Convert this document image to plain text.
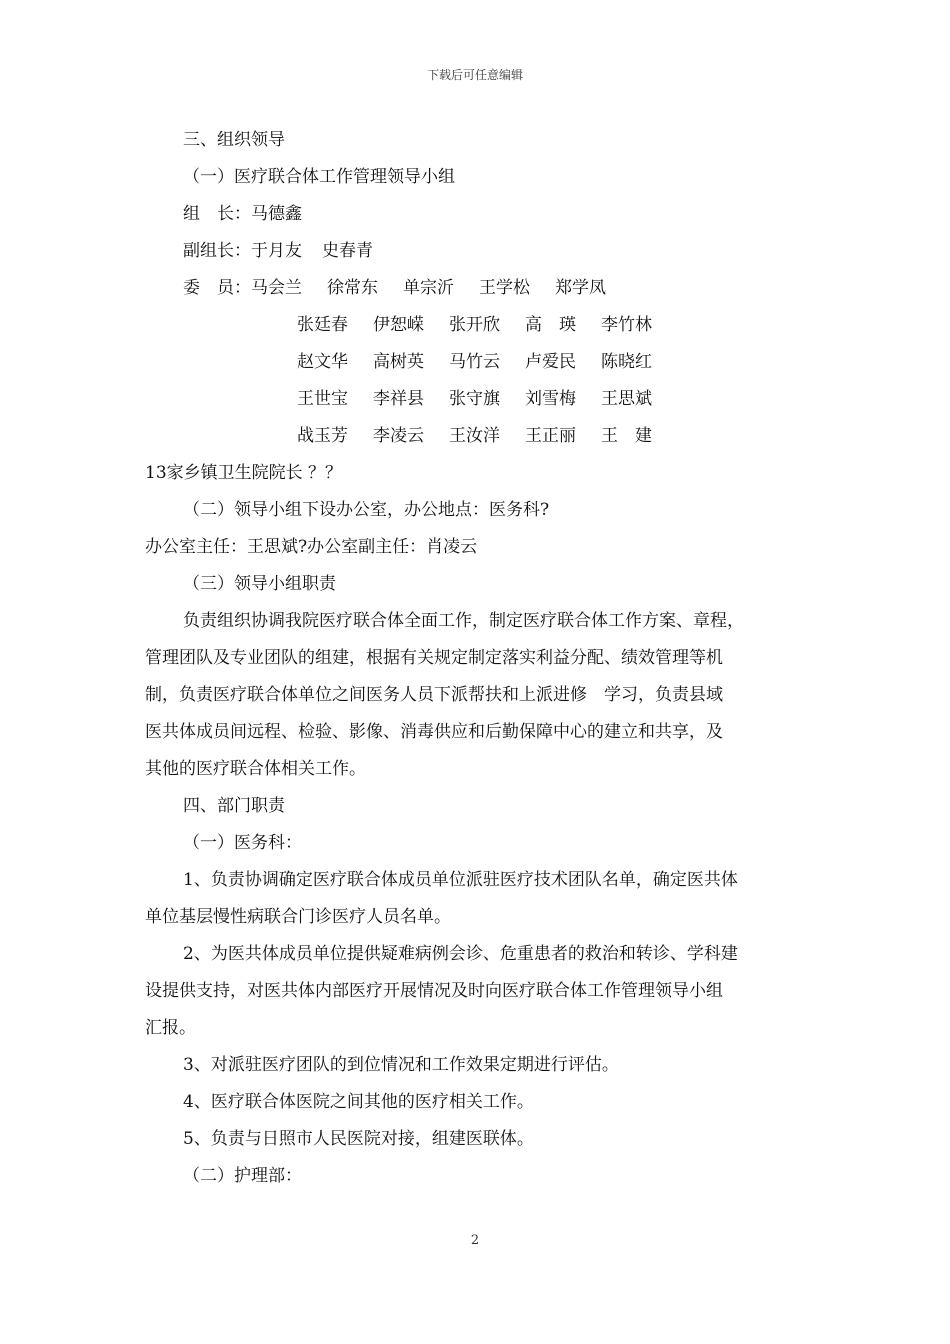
下载后可任意编辑
三、组织领导
（一）医疗联合体工作管理领导小组
组　长：马德鑫
副组长：于月友 史春青
委　员：马会兰 徐常东 单宗沂 王学松 郑学凤
张廷春 伊恕嵘 张开欣 高　瑛 李竹林
赵文华 高树英 马竹云 卢爱民 陈晓红
王世宝 李祥县 张守旗 刘雪梅 王思斌
战玉芳 李凌云 王汝洋 王正丽 王　建
13家乡镇卫生院院长 ？？
（二）领导小组下设办公室，办公地点：医务科?
办公室主任：王思斌?办公室副主任：肖凌云
（三）领导小组职责
负责组织协调我院医疗联合体全面工作，制定医疗联合体工作方案、章程，
管理团队及专业团队的组建，根据有关规定制定落实利益分配、绩效管理等机
制，负责医疗联合体单位之间医务人员下派帮扶和上派进修　学习，负责县域
医共体成员间远程、检验、影像、消毒供应和后勤保障中心的建立和共享，及
其他的医疗联合体相关工作。
四、部门职责
（一）医务科：
1、负责协调确定医疗联合体成员单位派驻医疗技术团队名单，确定医共体
单位基层慢性病联合门诊医疗人员名单。
2、为医共体成员单位提供疑难病例会诊、危重患者的救治和转诊、学科建
设提供支持，对医共体内部医疗开展情况及时向医疗联合体工作管理领导小组
汇报。
3、对派驻医疗团队的到位情况和工作效果定期进行评估。
4、医疗联合体医院之间其他的医疗相关工作。
5、负责与日照市人民医院对接，组建医联体。
（二）护理部：
2
